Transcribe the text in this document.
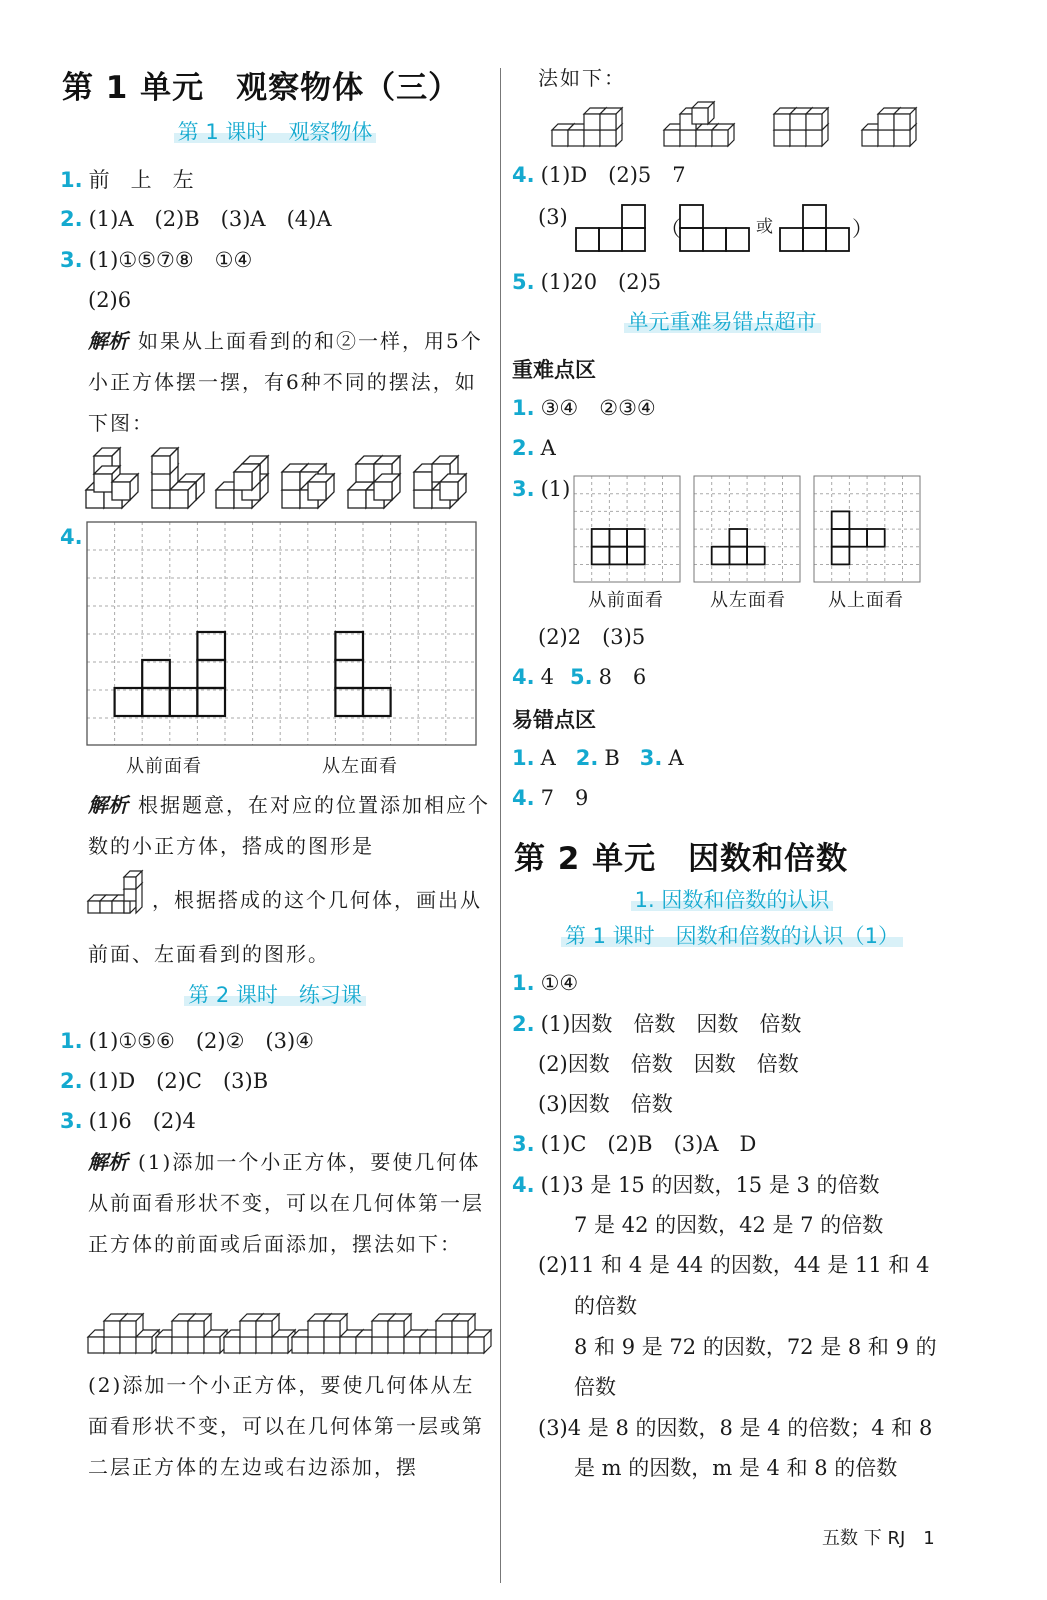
第 1 单元　观察物体（三）
第 1 课时　观察物体
1. 前　上　左
2. (1)A　(2)B　(3)A　(4)A
3. (1)①⑤⑦⑧　①④
(2)6
解析 如果从上面看到的和②一样，用5个小正方体摆一摆，有6种不同的摆法，如下图：
4.
从前面看	从左面看
解析 根据题意，在对应的位置添加相应个数的小正方体，搭成的图形是
，根据搭成的这个几何体，画出从
前面、左面看到的图形。
第 2 课时　练习课
1. (1)①⑤⑥　(2)②　(3)④
2. (1)D　(2)C　(3)B
3. (1)6　(2)4
解析 (1)添加一个小正方体，要使几何体从前面看形状不变，可以在几何体第一层正方体的前面或后面添加，摆法如下：
(2)添加一个小正方体，要使几何体从左面看形状不变，可以在几何体第一层或第二层正方体的左边或右边添加，摆
法如下：
4. (1)D　(2)5　7
(3)	（	或	）
5. (1)20　(2)5
单元重难易错点超市
重难点区
1. ③④　②③④
2. A
3. (1)
从前面看	从左面看 从上面看
(2)2　(3)5
4. 4 5. 8　6
易错点区
1. A 2. B 3. A
4. 7　9
第 2 单元　因数和倍数
1. 因数和倍数的认识
第 1 课时　因数和倍数的认识（1）
1. ①④
2. (1)因数　倍数　因数　倍数
(2)因数　倍数　因数　倍数
(3)因数　倍数
3. (1)C　(2)B　(3)A　D
4. (1)3 是 15 的因数，15 是 3 的倍数
7 是 42 的因数，42 是 7 的倍数
(2)11 和 4 是 44 的因数，44 是 11 和 4
的倍数
8 和 9 是 72 的因数，72 是 8 和 9 的
倍数
(3)4 是 8 的因数，8 是 4 的倍数；4 和 8
是 m 的因数，m 是 4 和 8 的倍数
五数 下 RJ　1
